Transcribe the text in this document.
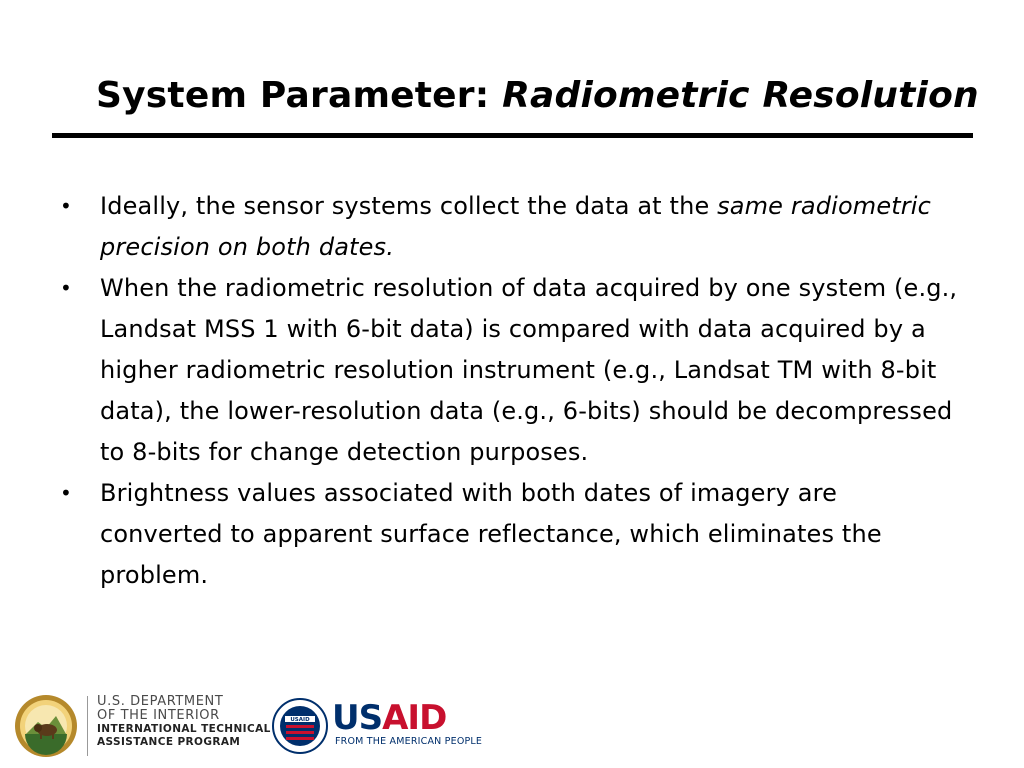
System Parameter: Radiometric Resolution
• Ideally, the sensor systems collect the data at the same radiometric precision on both dates.
• When the radiometric resolution of data acquired by one system (e.g., Landsat MSS 1 with 6-bit data) is compared with data acquired by a higher radiometric resolution instrument (e.g., Landsat TM with 8-bit data), the lower-resolution data (e.g., 6-bits) should be decompressed to 8-bits for change detection purposes.
• Brightness values associated with both dates of imagery are converted to apparent surface reflectance, which eliminates the problem.
U.S. DEPARTMENT
OF THE INTERIOR
INTERNATIONAL TECHNICAL
ASSISTANCE PROGRAM
USAID USAID
FROM THE AMERICAN PEOPLE
